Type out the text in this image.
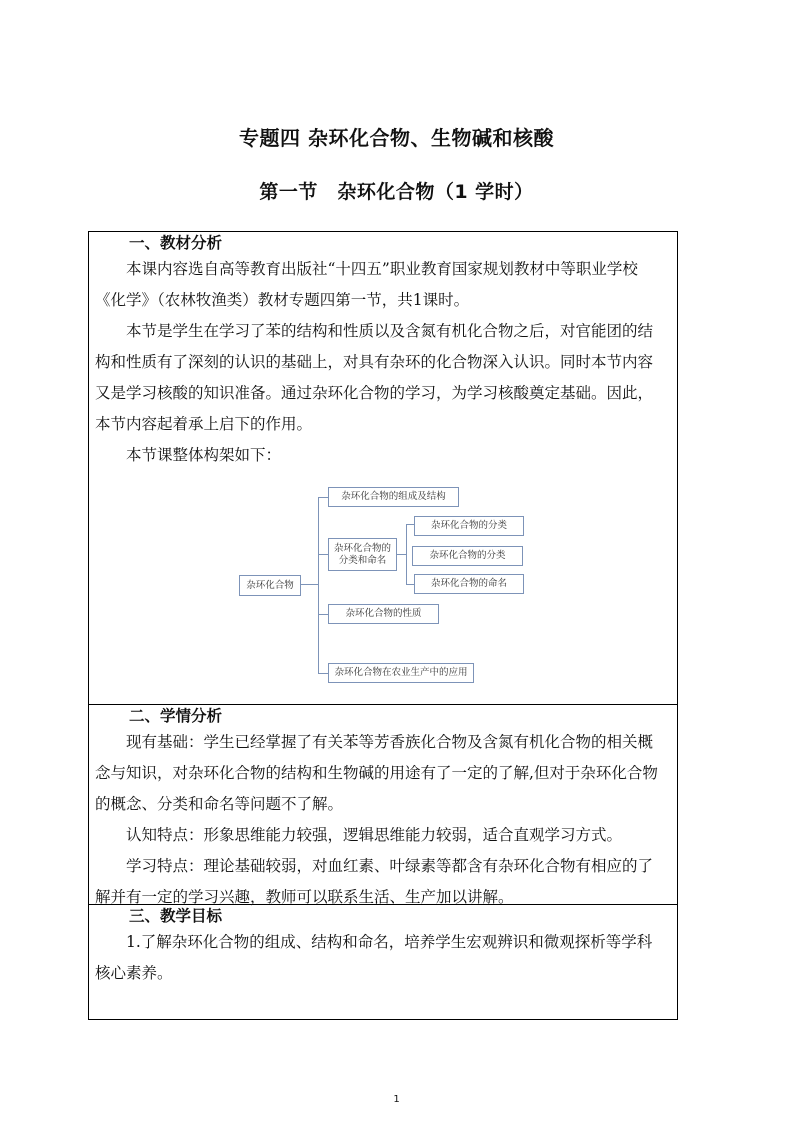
专题四 杂环化合物、生物碱和核酸
第一节　杂环化合物（1 学时）
一、教材分析

本课内容选自高等教育出版社“十四五”职业教育国家规划教材中等职业学校《化学》（农林牧渔类）教材专题四第一节，共1课时。

本节是学生在学习了苯的结构和性质以及含氮有机化合物之后，对官能团的结构和性质有了深刻的认识的基础上，对具有杂环的化合物深入认识。同时本节内容又是学习核酸的知识准备。通过杂环化合物的学习，为学习核酸奠定基础。因此，本节内容起着承上启下的作用。

本节课整体构架如下：

杂环化合物
杂环化合物的组成及结构
杂环化合物的分类和命名
杂环化合物的性质
杂环化合物在农业生产中的应用
杂环化合物的分类
杂环化合物的分类
杂环化合物的命名
二、学情分析

现有基础：学生已经掌握了有关苯等芳香族化合物及含氮有机化合物的相关概念与知识，对杂环化合物的结构和生物碱的用途有了一定的了解,但对于杂环化合物的概念、分类和命名等问题不了解。

认知特点：形象思维能力较强，逻辑思维能力较弱，适合直观学习方式。

学习特点：理论基础较弱，对血红素、叶绿素等都含有杂环化合物有相应的了解并有一定的学习兴趣，教师可以联系生活、生产加以讲解。

三、教学目标

1.了解杂环化合物的组成、结构和命名，培养学生宏观辨识和微观探析等学科核心素养。

1
